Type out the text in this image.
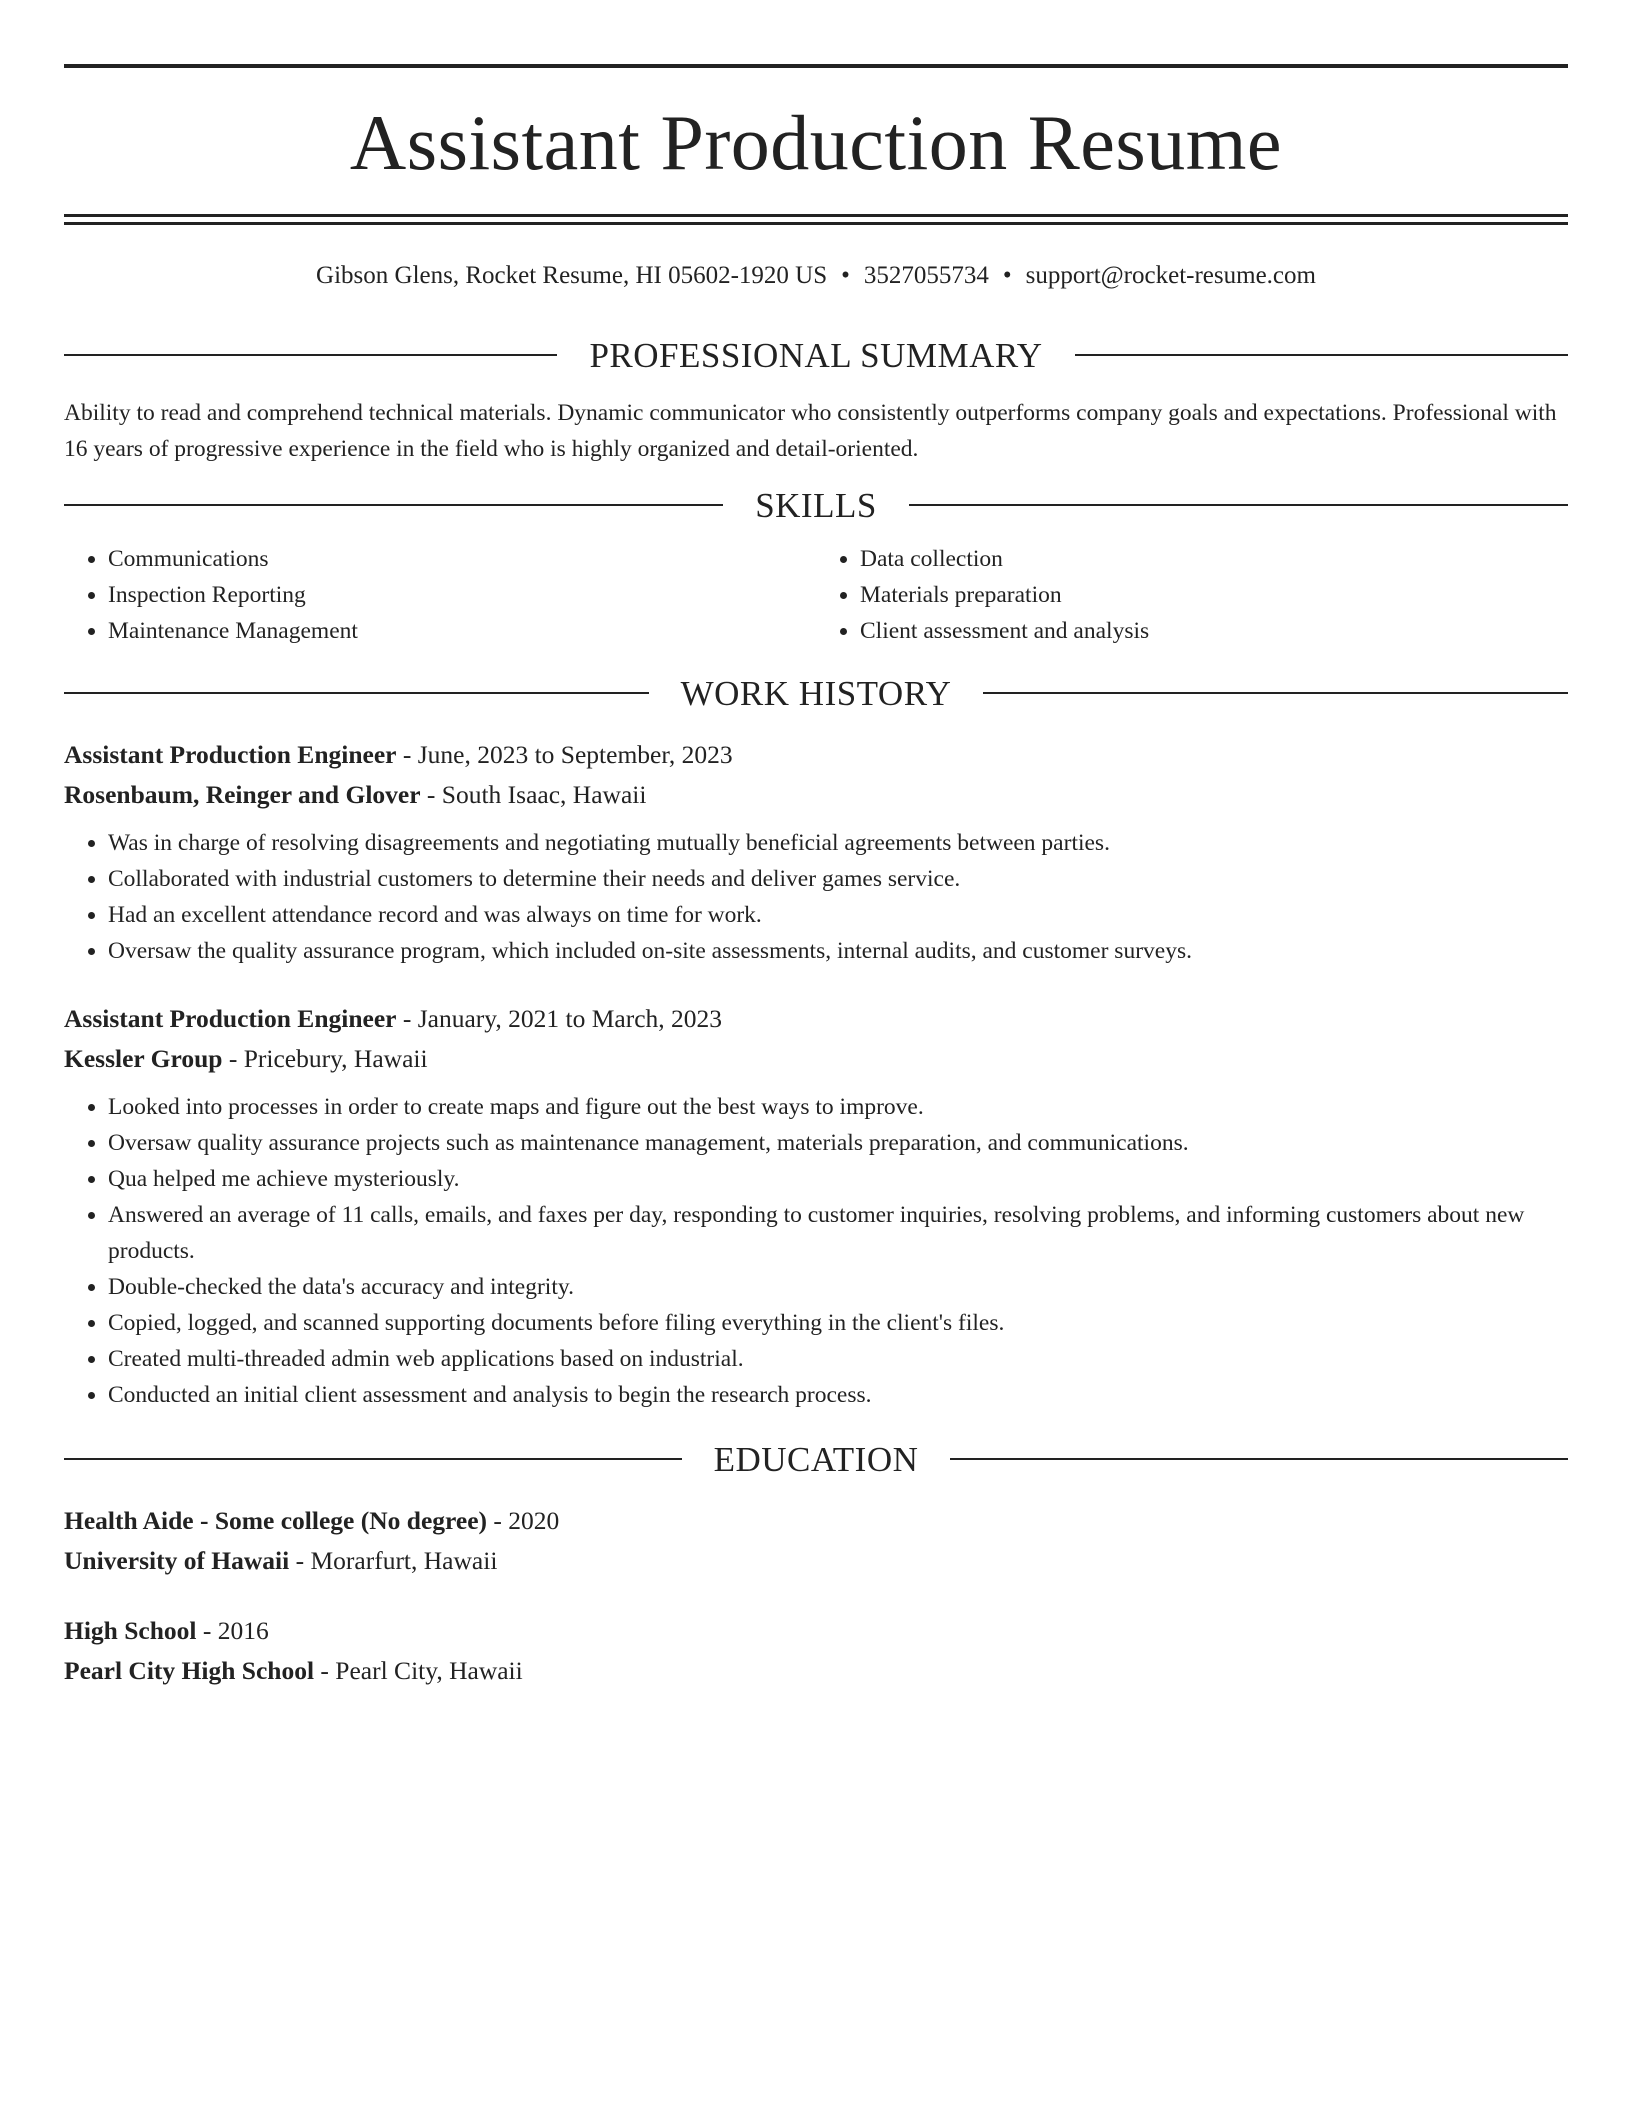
Assistant Production Resume
Gibson Glens, Rocket Resume, HI 05602-1920 US • 3527055734 • support@rocket-resume.com
PROFESSIONAL SUMMARY

Ability to read and comprehend technical materials. Dynamic communicator who consistently outperforms company goals and expectations. Professional with 16 years of progressive experience in the field who is highly organized and detail-oriented.

SKILLS
• Communications
• Inspection Reporting
• Maintenance Management
• Data collection
• Materials preparation
• Client assessment and analysis
WORK HISTORY
Assistant Production Engineer - June, 2023 to September, 2023
Rosenbaum, Reinger and Glover - South Isaac, Hawaii
• Was in charge of resolving disagreements and negotiating mutually beneficial agreements between parties.
• Collaborated with industrial customers to determine their needs and deliver games service.
• Had an excellent attendance record and was always on time for work.
• Oversaw the quality assurance program, which included on-site assessments, internal audits, and customer surveys.
Assistant Production Engineer - January, 2021 to March, 2023
Kessler Group - Pricebury, Hawaii
• Looked into processes in order to create maps and figure out the best ways to improve.
• Oversaw quality assurance projects such as maintenance management, materials preparation, and communications.
• Qua helped me achieve mysteriously.
• Answered an average of 11 calls, emails, and faxes per day, responding to customer inquiries, resolving problems, and informing customers about new products.
• Double-checked the data's accuracy and integrity.
• Copied, logged, and scanned supporting documents before filing everything in the client's files.
• Created multi-threaded admin web applications based on industrial.
• Conducted an initial client assessment and analysis to begin the research process.
EDUCATION
Health Aide - Some college (No degree) - 2020
University of Hawaii - Morarfurt, Hawaii
High School - 2016
Pearl City High School - Pearl City, Hawaii
